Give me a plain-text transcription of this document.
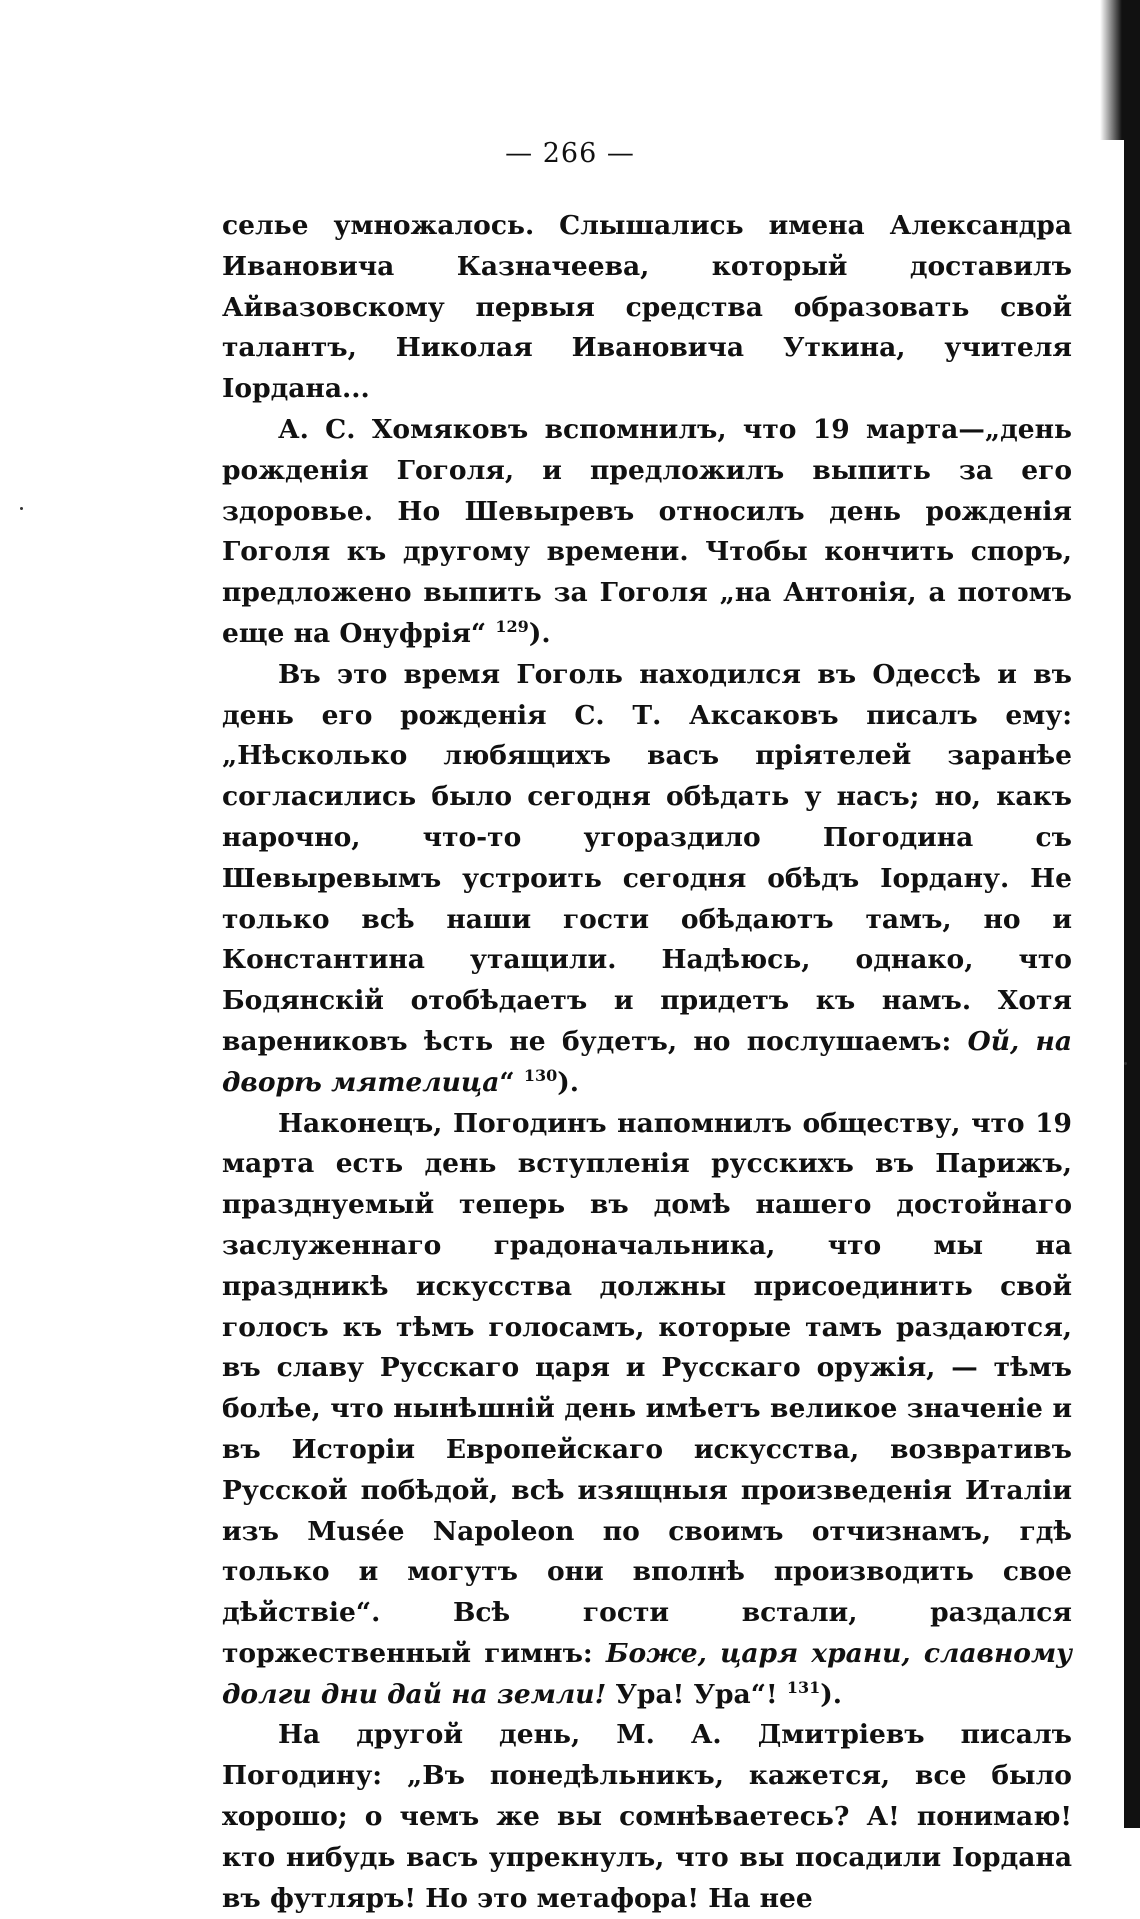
— 266 —

селье умножалось. Слышались имена Александра Ивановича Казначеева, который доставилъ Айвазовскому первыя средства образовать свой талантъ, Николая Ивановича Уткина, учителя Іордана...

А. С. Хомяковъ вспомнилъ, что 19 марта—„день рожденія Гоголя, и предложилъ выпить за его здоровье. Но Шевыревъ относилъ день рожденія Гоголя къ другому времени. Чтобы кончить споръ, предложено выпить за Гоголя „на Антонія, а потомъ еще на Онуфрія“ $^{129}$).

Въ это время Гоголь находился въ Одессѣ и въ день его рожденія С. Т. Аксаковъ писалъ ему: „Нѣсколько любящихъ васъ пріятелей заранѣе согласились было сегодня обѣдать у насъ; но, какъ нарочно, что-то угораздило Погодина съ Шевыревымъ устроить сегодня обѣдъ Іордану. Не только всѣ наши гости обѣдаютъ тамъ, но и Константина утащили. Надѣюсь, однако, что Бодянскій отобѣдаетъ и придетъ къ намъ. Хотя варениковъ ѣсть не будетъ, но послушаемъ: Ой, на дворѣ мятелица“ $^{130}$).

Наконецъ, Погодинъ напомнилъ обществу, что 19 марта есть день вступленія русскихъ въ Парижъ, празднуемый теперь въ домѣ нашего достойнаго заслуженнаго градоначальника, что мы на праздникѣ искусства должны присоединить свой голосъ къ тѣмъ голосамъ, которые тамъ раздаются, въ славу Русскаго царя и Русскаго оружія, — тѣмъ болѣе, что нынѣшній день имѣетъ великое значеніе и въ Исторіи Европейскаго искусства, возвративъ Русской побѣдой, всѣ изящныя произведенія Италіи изъ Musée Napoleon по своимъ отчизнамъ, гдѣ только и могутъ они вполнѣ производить свое дѣйствіе“. Всѣ гости встали, раздался торжественный гимнъ: Боже, царя храни, славному долги дни дай на земли! Ура! Ура“! $^{131}$).

На другой день, М. А. Дмитріевъ писалъ Погодину: „Въ понедѣльникъ, кажется, все было хорошо; о чемъ же вы сомнѣваетесь? А! понимаю! кто нибудь васъ упрекнулъ, что вы посадили Іордана въ футляръ! Но это метафора! На нее
